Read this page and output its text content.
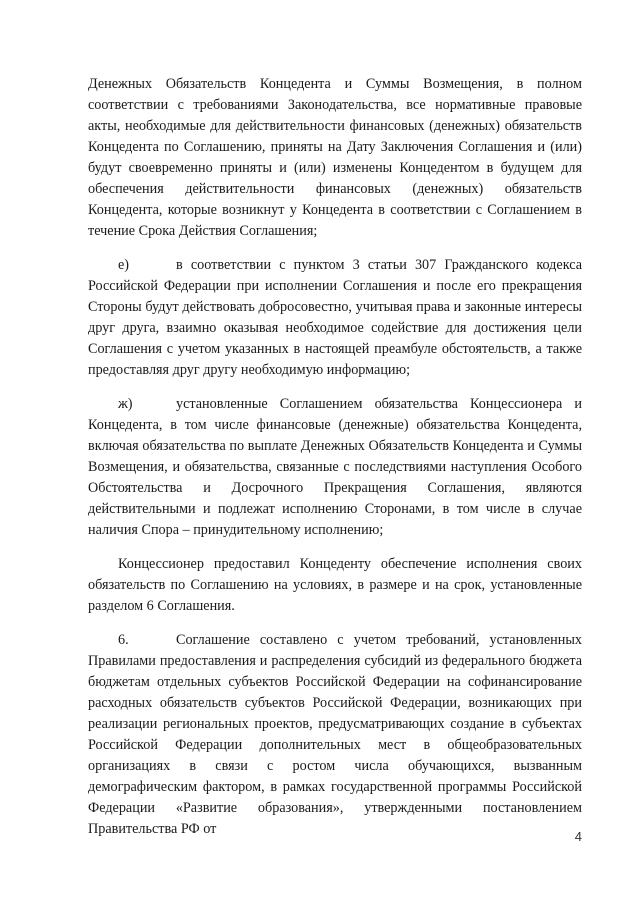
Денежных Обязательств Концедента и Суммы Возмещения, в полном соответствии с требованиями Законодательства, все нормативные правовые акты, необходимые для действительности финансовых (денежных) обязательств Концедента по Соглашению, приняты на Дату Заключения Соглашения и (или) будут своевременно приняты и (или) изменены Концедентом в будущем для обеспечения действительности финансовых (денежных) обязательств Концедента, которые возникнут у Концедента в соответствии с Соглашением в течение Срока Действия Соглашения;

е)	в соответствии с пунктом 3 статьи 307 Гражданского кодекса Российской Федерации при исполнении Соглашения и после его прекращения Стороны будут действовать добросовестно, учитывая права и законные интересы друг друга, взаимно оказывая необходимое содействие для достижения цели Соглашения с учетом указанных в настоящей преамбуле обстоятельств, а также предоставляя друг другу необходимую информацию;

ж)	установленные Соглашением обязательства Концессионера и Концедента, в том числе финансовые (денежные) обязательства Концедента, включая обязательства по выплате Денежных Обязательств Концедента и Суммы Возмещения, и обязательства, связанные с последствиями наступления Особого Обстоятельства и Досрочного Прекращения Соглашения, являются действительными и подлежат исполнению Сторонами, в том числе в случае наличия Спора – принудительному исполнению;

Концессионер предоставил Концеденту обеспечение исполнения своих обязательств по Соглашению на условиях, в размере и на срок, установленные разделом 6 Соглашения.

6.	Соглашение составлено с учетом требований, установленных Правилами предоставления и распределения субсидий из федерального бюджета бюджетам отдельных субъектов Российской Федерации на софинансирование расходных обязательств субъектов Российской Федерации, возникающих при реализации региональных проектов, предусматривающих создание в субъектах Российской Федерации дополнительных мест в общеобразовательных организациях в связи с ростом числа обучающихся, вызванным демографическим фактором, в рамках государственной программы Российской Федерации «Развитие образования», утвержденными постановлением Правительства РФ от	4
